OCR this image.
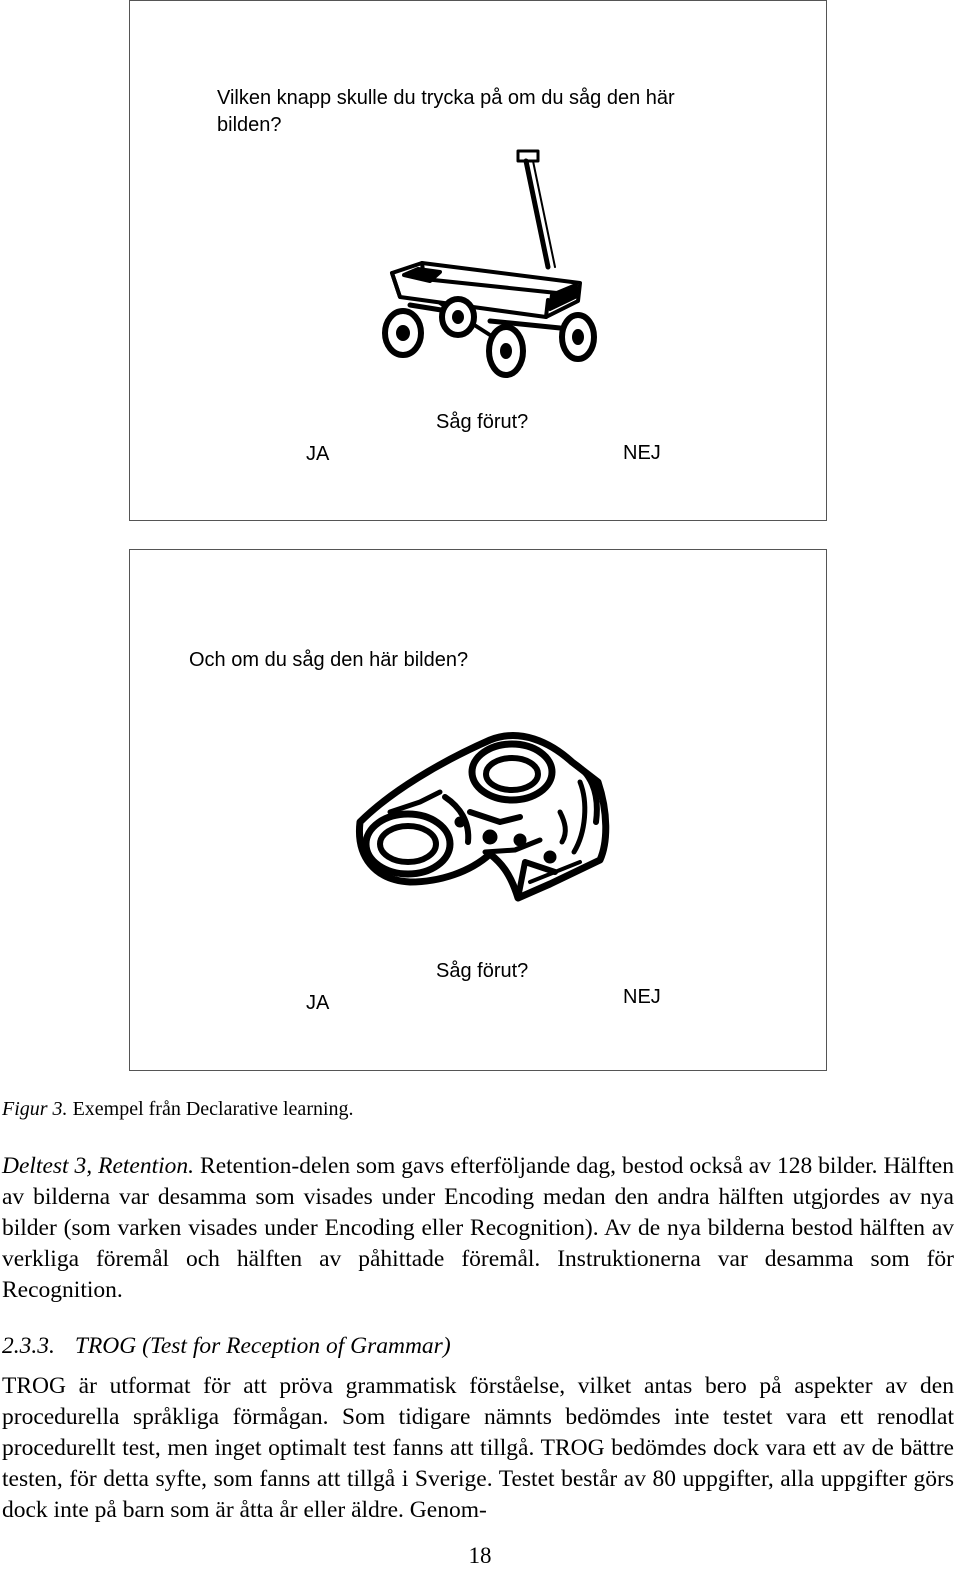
Vilken knapp skulle du trycka på om du såg den här
bilden?
Såg förut?
JA	NEJ
Och om du såg den här bilden?
Såg förut?
JA	NEJ
Figur 3. Exempel från Declarative learning.
Deltest 3, Retention. Retention-delen som gavs efterföljande dag, bestod också av 128 bilder. Hälften av bilderna var desamma som visades under Encoding medan den andra hälften utgjordes av nya bilder (som varken visades under Encoding eller Recognition). Av de nya bilderna bestod hälften av verkliga föremål och hälften av påhittade föremål. Instruktionerna var desamma som för Recognition.
2.3.3. TROG (Test for Reception of Grammar)
TROG är utformat för att pröva grammatisk förståelse, vilket antas bero på aspekter av den procedurella språkliga förmågan. Som tidigare nämnts bedömdes inte testet vara ett renodlat procedurellt test, men inget optimalt test fanns att tillgå. TROG bedömdes dock vara ett av de bättre testen, för detta syfte, som fanns att tillgå i Sverige. Testet består av 80 uppgifter, alla uppgifter görs dock inte på barn som är åtta år eller äldre. Genom-
18
